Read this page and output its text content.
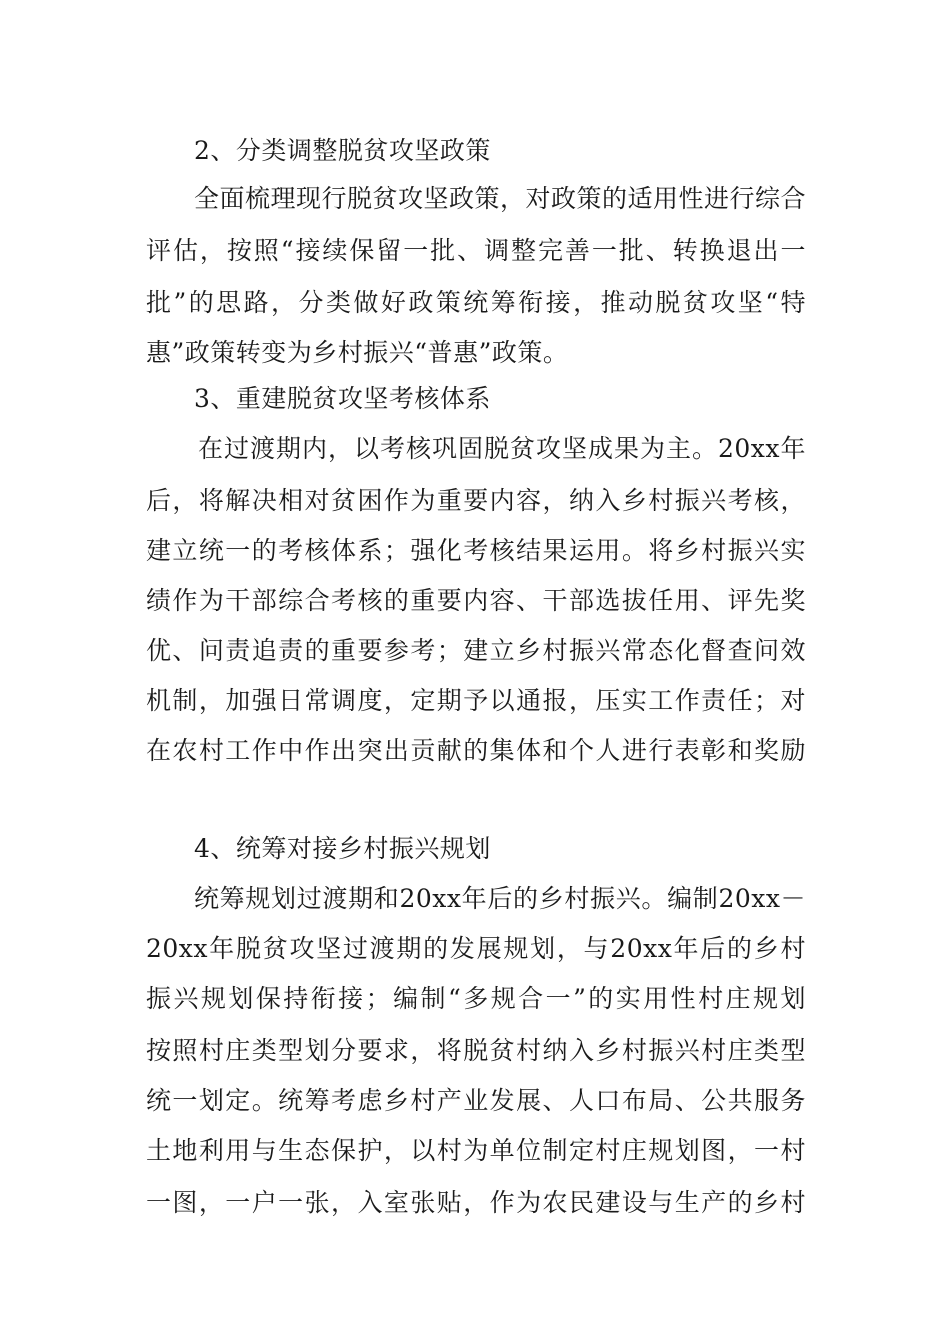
2、分类调整脱贫攻坚政策
全面梳理现行脱贫攻坚政策，对政策的适用性进行综合
评估，按照“接续保留一批、调整完善一批、转换退出一
批”的思路，分类做好政策统筹衔接，推动脱贫攻坚“特
惠”政策转变为乡村振兴“普惠”政策。
3、重建脱贫攻坚考核体系
在过渡期内，以考核巩固脱贫攻坚成果为主。20xx年
后，将解决相对贫困作为重要内容，纳入乡村振兴考核，
建立统一的考核体系；强化考核结果运用。将乡村振兴实
绩作为干部综合考核的重要内容、干部选拔任用、评先奖
优、问责追责的重要参考；建立乡村振兴常态化督查问效
机制，加强日常调度，定期予以通报，压实工作责任；对
在农村工作中作出突出贡献的集体和个人进行表彰和奖励
4、统筹对接乡村振兴规划
统筹规划过渡期和20xx年后的乡村振兴。编制20xx－
20xx年脱贫攻坚过渡期的发展规划，与20xx年后的乡村
振兴规划保持衔接；编制“多规合一”的实用性村庄规划
按照村庄类型划分要求，将脱贫村纳入乡村振兴村庄类型
统一划定。统筹考虑乡村产业发展、人口布局、公共服务
土地利用与生态保护，以村为单位制定村庄规划图，一村
一图，一户一张，入室张贴，作为农民建设与生产的乡村
